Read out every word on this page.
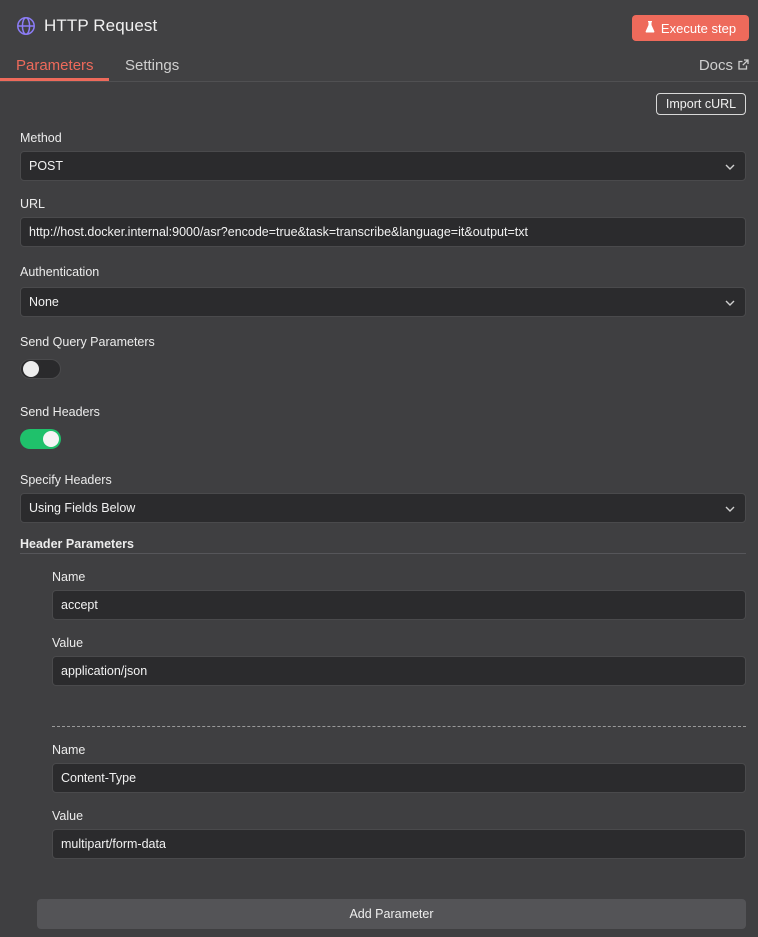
HTTP Request	Execute step
Parameters Settings	Docs
Import cURL
Method
POST
URL
http://host.docker.internal:9000/asr?encode=true&task=transcribe&language=it&output=txt
Authentication
None
Send Query Parameters
Send Headers
Specify Headers
Using Fields Below
Header Parameters
Name
accept
Value
application/json
Name
Content-Type
Value
multipart/form-data
Add Parameter
